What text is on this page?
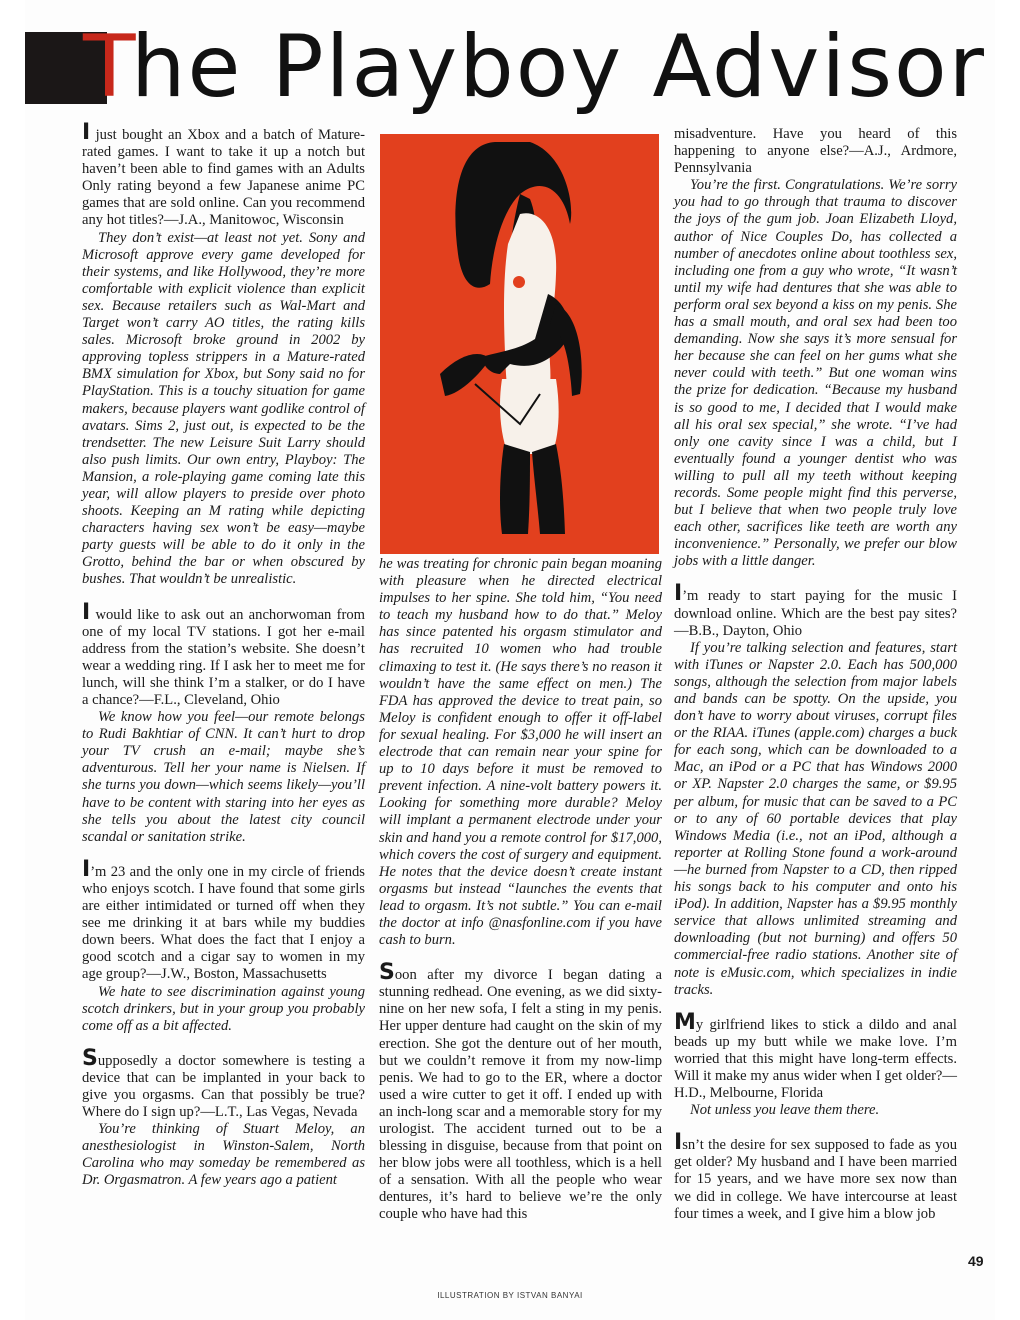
T
he Playboy Advisor

I just bought an Xbox and a batch of Mature-rated games. I want to take it up a notch but haven’t been able to find games with an Adults Only rating beyond a few Japanese anime PC games that are sold online. Can you recommend any hot titles?—J.A., Manitowoc, Wisconsin

They don’t exist—at least not yet. Sony and Microsoft approve every game developed for their systems, and like Hollywood, they’re more comfortable with explicit violence than explicit sex. Because retailers such as Wal-Mart and Target won’t carry AO titles, the rating kills sales. Microsoft broke ground in 2002 by approving topless strippers in a Mature-rated BMX simulation for Xbox, but Sony said no for PlayStation. This is a touchy situation for game makers, because players want godlike control of avatars. Sims 2, just out, is expected to be the trendsetter. The new Leisure Suit Larry should also push limits. Our own entry, Playboy: The Mansion, a role-playing game coming late this year, will allow players to preside over photo shoots. Keeping an M rating while depicting characters having sex won’t be easy—maybe party guests will be able to do it only in the Grotto, behind the bar or when obscured by bushes. That wouldn’t be unrealistic.

I would like to ask out an anchorwoman from one of my local TV stations. I got her e-mail address from the station’s website. She doesn’t wear a wedding ring. If I ask her to meet me for lunch, will she think I’m a stalker, or do I have a chance?—F.L., Cleveland, Ohio

We know how you feel—our remote belongs to Rudi Bakhtiar of CNN. It can’t hurt to drop your TV crush an e-mail; maybe she’s adventurous. Tell her your name is Nielsen. If she turns you down—which seems likely—you’ll have to be content with staring into her eyes as she tells you about the latest city council scandal or sanitation strike.

I’m 23 and the only one in my circle of friends who enjoys scotch. I have found that some girls are either intimidated or turned off when they see me drinking it at bars while my buddies down beers. What does the fact that I enjoy a good scotch and a cigar say to women in my age group?—J.W., Boston, Massachusetts

We hate to see discrimination against young scotch drinkers, but in your group you probably come off as a bit affected.

Supposedly a doctor somewhere is testing a device that can be implanted in your back to give you orgasms. Can that possibly be true? Where do I sign up?—L.T., Las Vegas, Nevada

You’re thinking of Stuart Meloy, an anesthesiologist in Winston-Salem, North Carolina who may someday be remembered as Dr. Orgasmatron. A few years ago a patient

he was treating for chronic pain began moaning with pleasure when he directed electrical impulses to her spine. She told him, “You need to teach my husband how to do that.” Meloy has since patented his orgasm stimulator and has recruited 10 women who had trouble climaxing to test it. (He says there’s no reason it wouldn’t have the same effect on men.) The FDA has approved the device to treat pain, so Meloy is confident enough to offer it off-label for sexual healing. For $3,000 he will insert an electrode that can remain near your spine for up to 10 days before it must be removed to prevent infection. A nine-volt battery powers it. Looking for something more durable? Meloy will implant a permanent electrode under your skin and hand you a remote control for $17,000, which covers the cost of surgery and equipment. He notes that the device doesn’t create instant orgasms but instead “launches the events that lead to orgasm. It’s not subtle.” You can e-mail the doctor at info @nasfonline.com if you have cash to burn.

Soon after my divorce I began dating a stunning redhead. One evening, as we did sixty-nine on her new sofa, I felt a sting in my penis. Her upper denture had caught on the skin of my erection. She got the denture out of her mouth, but we couldn’t remove it from my now-limp penis. We had to go to the ER, where a doctor used a wire cutter to get it off. I ended up with an inch-long scar and a memorable story for my urologist. The accident turned out to be a blessing in disguise, because from that point on her blow jobs were all toothless, which is a hell of a sensation. With all the people who wear dentures, it’s hard to believe we’re the only couple who have had this

misadventure. Have you heard of this happening to anyone else?—A.J., Ardmore, Pennsylvania

You’re the first. Congratulations. We’re sorry you had to go through that trauma to discover the joys of the gum job. Joan Elizabeth Lloyd, author of Nice Couples Do, has collected a number of anecdotes online about toothless sex, including one from a guy who wrote, “It wasn’t until my wife had dentures that she was able to perform oral sex beyond a kiss on my penis. She has a small mouth, and oral sex had been too demanding. Now she says it’s more sensual for her because she can feel on her gums what she never could with teeth.” But one woman wins the prize for dedication. “Because my husband is so good to me, I decided that I would make all his oral sex special,” she wrote. “I’ve had only one cavity since I was a child, but I eventually found a younger dentist who was willing to pull all my teeth without keeping records. Some people might find this perverse, but I believe that when two people truly love each other, sacrifices like teeth are worth any inconvenience.” Personally, we prefer our blow jobs with a little danger.

I’m ready to start paying for the music I download online. Which are the best pay sites?—B.B., Dayton, Ohio

If you’re talking selection and features, start with iTunes or Napster 2.0. Each has 500,000 songs, although the selection from major labels and bands can be spotty. On the upside, you don’t have to worry about viruses, corrupt files or the RIAA. iTunes (apple.com) charges a buck for each song, which can be downloaded to a Mac, an iPod or a PC that has Windows 2000 or XP. Napster 2.0 charges the same, or $9.95 per album, for music that can be saved to a PC or to any of 60 portable devices that play Windows Media (i.e., not an iPod, although a reporter at Rolling Stone found a work-around—he burned from Napster to a CD, then ripped his songs back to his computer and onto his iPod). In addition, Napster has a $9.95 monthly service that allows unlimited streaming and downloading (but not burning) and offers 50 commercial-free radio stations. Another site of note is eMusic.com, which specializes in indie tracks.

My girlfriend likes to stick a dildo and anal beads up my butt while we make love. I’m worried that this might have long-term effects. Will it make my anus wider when I get older?—H.D., Melbourne, Florida

Not unless you leave them there.

Isn’t the desire for sex supposed to fade as you get older? My husband and I have been married for 15 years, and we have more sex now than we did in college. We have intercourse at least four times a week, and I give him a blow job

49
ILLUSTRATION BY ISTVAN BANYAI
